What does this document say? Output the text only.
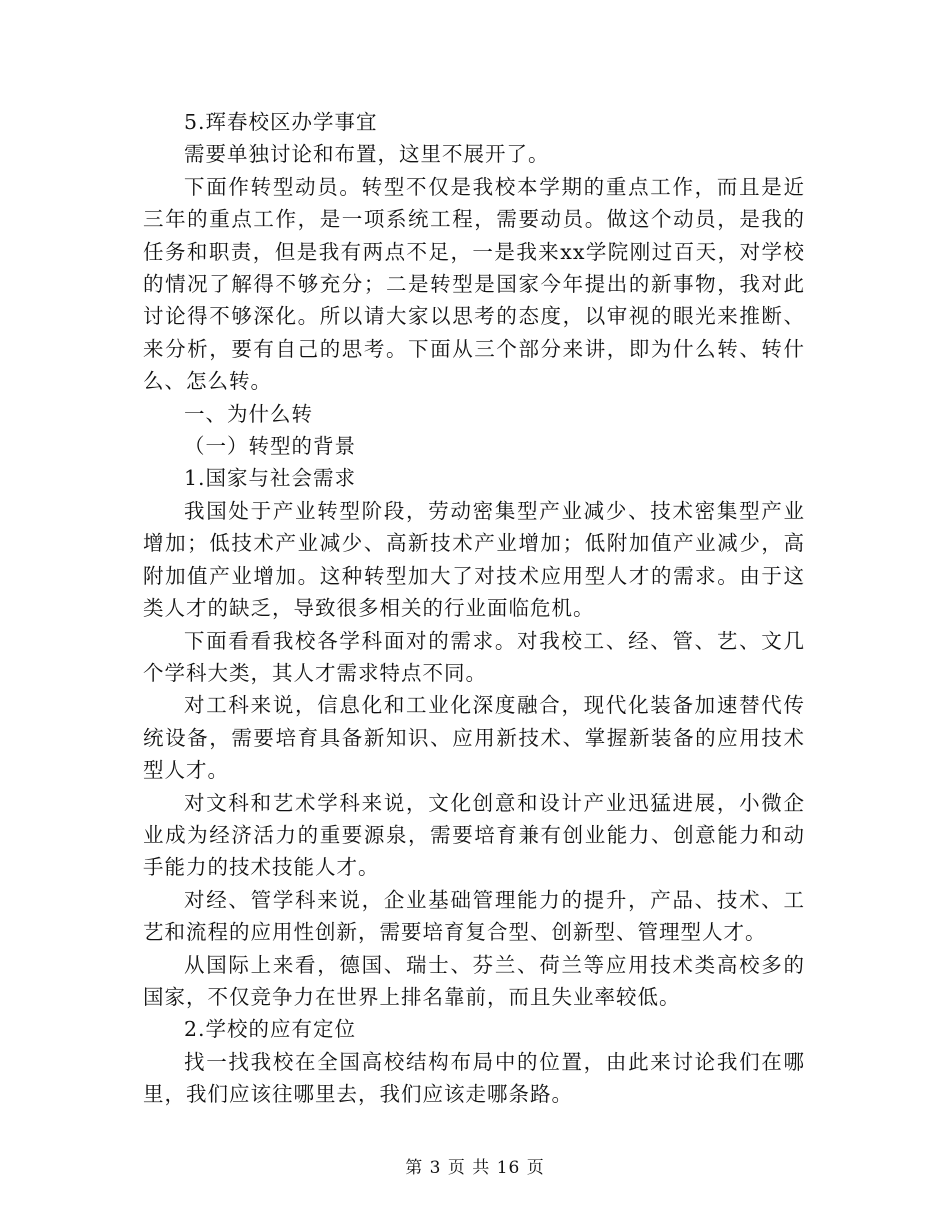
5.珲春校区办学事宜

需要单独讨论和布置，这里不展开了。

下面作转型动员。转型不仅是我校本学期的重点工作，而且是近三年的重点工作，是一项系统工程，需要动员。做这个动员，是我的任务和职责，但是我有两点不足，一是我来xx学院刚过百天，对学校的情况了解得不够充分；二是转型是国家今年提出的新事物，我对此讨论得不够深化。所以请大家以思考的态度，以审视的眼光来推断、来分析，要有自己的思考。下面从三个部分来讲，即为什么转、转什么、怎么转。

一、为什么转

（一）转型的背景

1.国家与社会需求

我国处于产业转型阶段，劳动密集型产业减少、技术密集型产业增加；低技术产业减少、高新技术产业增加；低附加值产业减少，高附加值产业增加。这种转型加大了对技术应用型人才的需求。由于这类人才的缺乏，导致很多相关的行业面临危机。

下面看看我校各学科面对的需求。对我校工、经、管、艺、文几个学科大类，其人才需求特点不同。

对工科来说，信息化和工业化深度融合，现代化装备加速替代传统设备，需要培育具备新知识、应用新技术、掌握新装备的应用技术型人才。

对文科和艺术学科来说，文化创意和设计产业迅猛进展，小微企业成为经济活力的重要源泉，需要培育兼有创业能力、创意能力和动手能力的技术技能人才。

对经、管学科来说，企业基础管理能力的提升，产品、技术、工艺和流程的应用性创新，需要培育复合型、创新型、管理型人才。

从国际上来看，德国、瑞士、芬兰、荷兰等应用技术类高校多的国家，不仅竞争力在世界上排名靠前，而且失业率较低。

2.学校的应有定位

找一找我校在全国高校结构布局中的位置，由此来讨论我们在哪里，我们应该往哪里去，我们应该走哪条路。

第 3 页 共 16 页
